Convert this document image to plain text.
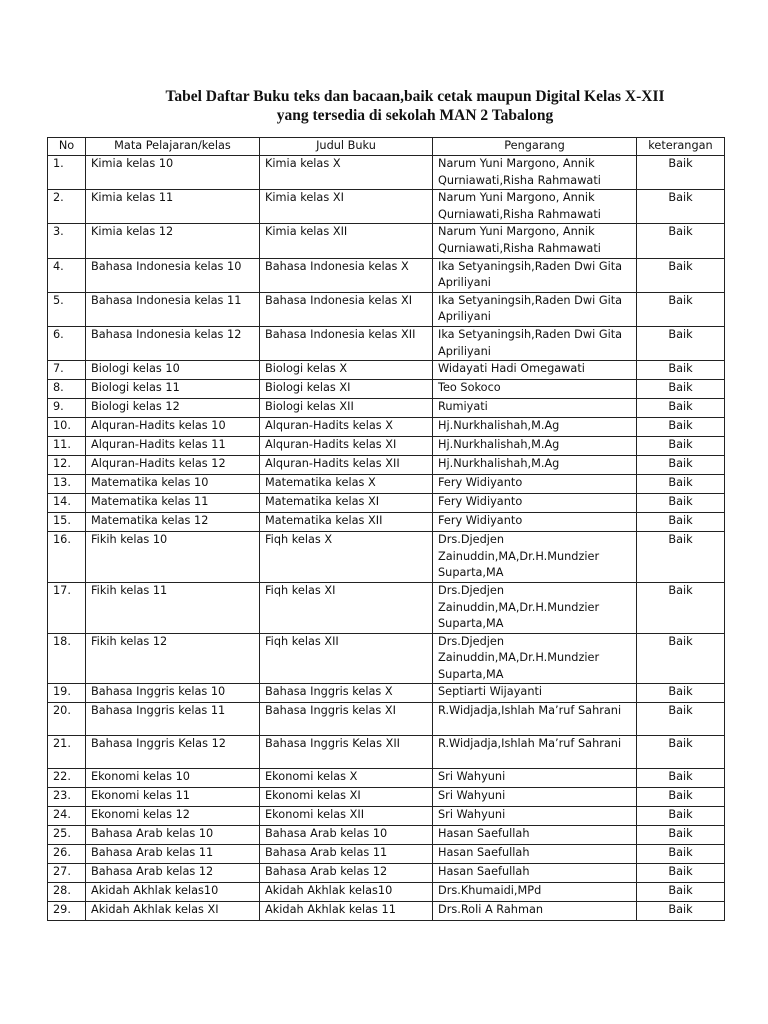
Tabel Daftar Buku teks dan bacaan,baik cetak maupun Digital Kelas X-XII
yang tersedia di sekolah MAN 2 Tabalong
No	Mata Pelajaran/kelas	Judul Buku	Pengarang	keterangan
1.	Kimia kelas 10	Kimia kelas X	Narum Yuni Margono, Annik Qurniawati,Risha Rahmawati	Baik
2.	Kimia kelas 11	Kimia kelas XI	Narum Yuni Margono, Annik Qurniawati,Risha Rahmawati	Baik
3.	Kimia kelas 12	Kimia kelas XII	Narum Yuni Margono, Annik Qurniawati,Risha Rahmawati	Baik
4.	Bahasa Indonesia kelas 10	Bahasa Indonesia kelas X	Ika Setyaningsih,Raden Dwi Gita Apriliyani	Baik
5.	Bahasa Indonesia kelas 11	Bahasa Indonesia kelas XI	Ika Setyaningsih,Raden Dwi Gita Apriliyani	Baik
6.	Bahasa Indonesia kelas 12	Bahasa Indonesia kelas XII	Ika Setyaningsih,Raden Dwi Gita Apriliyani	Baik
7.	Biologi kelas 10	Biologi kelas X	Widayati Hadi Omegawati	Baik
8.	Biologi kelas 11	Biologi kelas XI	Teo Sokoco	Baik
9.	Biologi kelas 12	Biologi kelas XII	Rumiyati	Baik
10.	Alquran-Hadits kelas 10	Alquran-Hadits kelas X	Hj.Nurkhalishah,M.Ag	Baik
11.	Alquran-Hadits kelas 11	Alquran-Hadits kelas XI	Hj.Nurkhalishah,M.Ag	Baik
12.	Alquran-Hadits kelas 12	Alquran-Hadits kelas XII	Hj.Nurkhalishah,M.Ag	Baik
13.	Matematika kelas 10	Matematika kelas X	Fery Widiyanto	Baik
14.	Matematika kelas 11	Matematika kelas XI	Fery Widiyanto	Baik
15.	Matematika kelas 12	Matematika kelas XII	Fery Widiyanto	Baik
16.	Fikih kelas 10	Fiqh kelas X	Drs.Djedjen Zainuddin,MA,Dr.H.Mundzier Suparta,MA	Baik
17.	Fikih kelas 11	Fiqh kelas XI	Drs.Djedjen Zainuddin,MA,Dr.H.Mundzier Suparta,MA	Baik
18.	Fikih kelas 12	Fiqh kelas XII	Drs.Djedjen Zainuddin,MA,Dr.H.Mundzier Suparta,MA	Baik
19.	Bahasa Inggris kelas 10	Bahasa Inggris kelas X	Septiarti Wijayanti	Baik
20.	Bahasa Inggris kelas 11	Bahasa Inggris kelas XI	R.Widjadja,Ishlah Ma’ruf Sahrani	Baik
21.	Bahasa Inggris Kelas 12	Bahasa Inggris Kelas XII	R.Widjadja,Ishlah Ma’ruf Sahrani	Baik
22.	Ekonomi kelas 10	Ekonomi kelas X	Sri Wahyuni	Baik
23.	Ekonomi kelas 11	Ekonomi kelas XI	Sri Wahyuni	Baik
24.	Ekonomi kelas 12	Ekonomi kelas XII	Sri Wahyuni	Baik
25.	Bahasa Arab kelas 10	Bahasa Arab kelas 10	Hasan Saefullah	Baik
26.	Bahasa Arab kelas 11	Bahasa Arab kelas 11	Hasan Saefullah	Baik
27.	Bahasa Arab kelas 12	Bahasa Arab kelas 12	Hasan Saefullah	Baik
28.	Akidah Akhlak kelas10	Akidah Akhlak kelas10	Drs.Khumaidi,MPd	Baik
29.	Akidah Akhlak kelas XI	Akidah Akhlak kelas 11	Drs.Roli A Rahman	Baik
